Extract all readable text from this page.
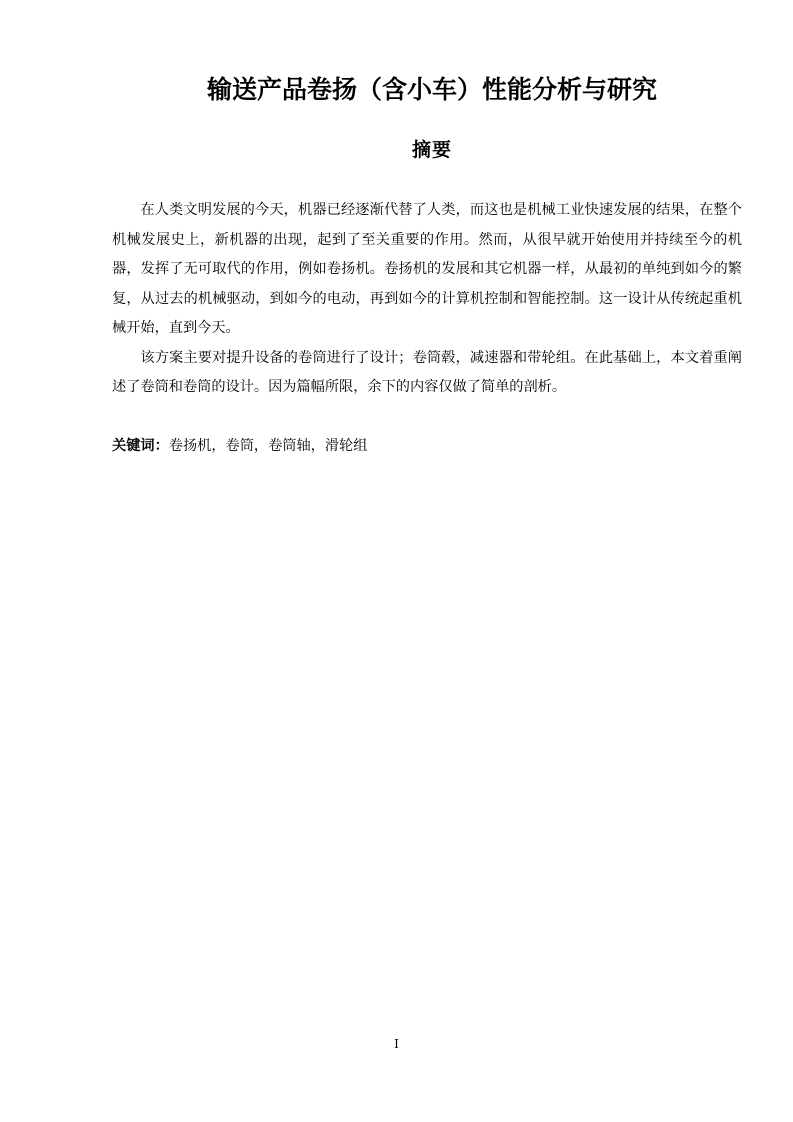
输送产品卷扬（含小车）性能分析与研究
摘要

在人类文明发展的今天，机器已经逐渐代替了人类，而这也是机械工业快速发展的结果，在整个机械发展史上，新机器的出现，起到了至关重要的作用。然而，从很早就开始使用并持续至今的机器，发挥了无可取代的作用，例如卷扬机。卷扬机的发展和其它机器一样，从最初的单纯到如今的繁复，从过去的机械驱动，到如今的电动，再到如今的计算机控制和智能控制。这一设计从传统起重机械开始，直到今天。

该方案主要对提升设备的卷筒进行了设计；卷筒毂，减速器和带轮组。在此基础上，本文着重阐述了卷筒和卷筒的设计。因为篇幅所限，余下的内容仅做了简单的剖析。

关键词：卷扬机，卷筒，卷筒轴，滑轮组
I
